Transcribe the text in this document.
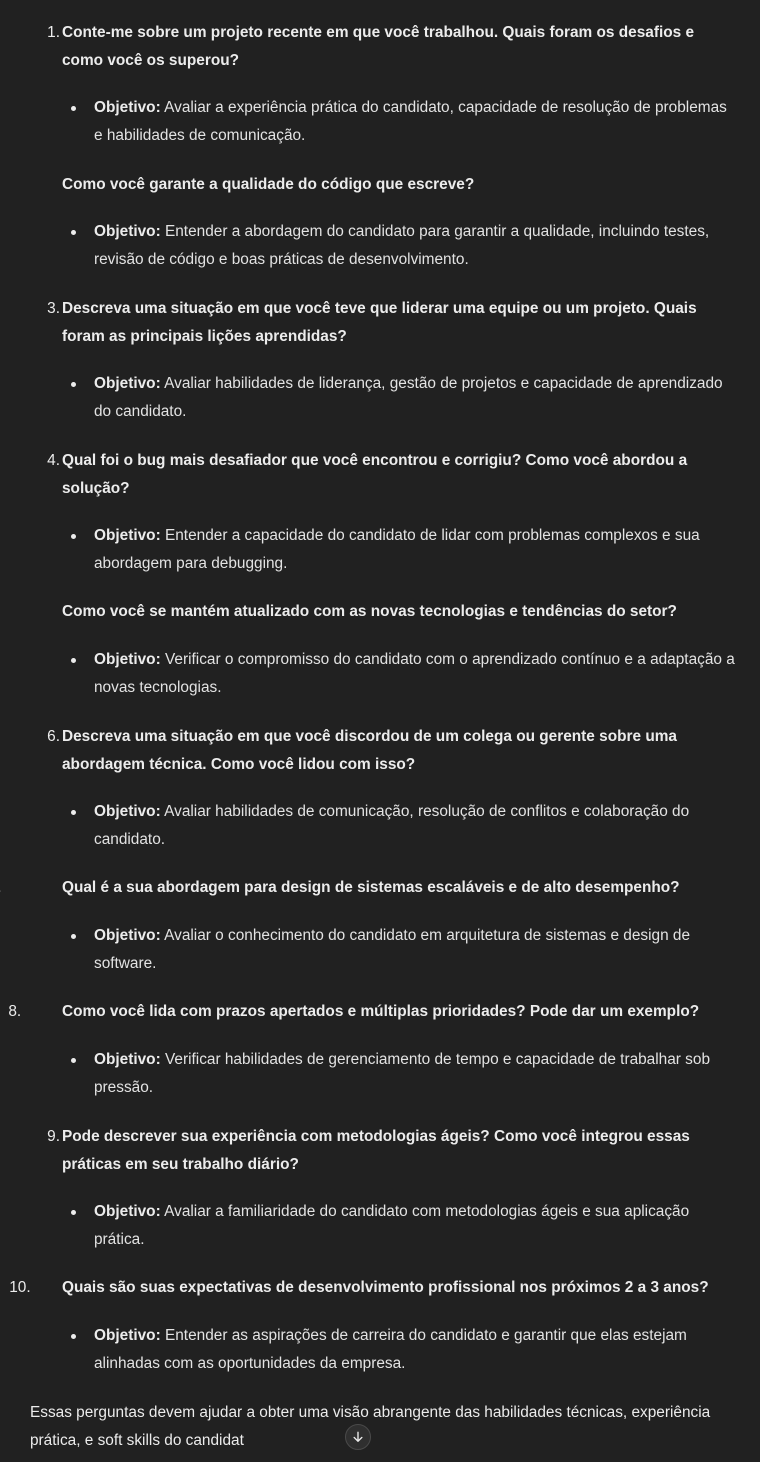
1. Conte-me sobre um projeto recente em que você trabalhou. Quais foram os desafios e como você os superou?
Objetivo: Avaliar a experiência prática do candidato, capacidade de resolução de problemas e habilidades de comunicação.
Como você garante a qualidade do código que escreve?
Objetivo: Entender a abordagem do candidato para garantir a qualidade, incluindo testes, revisão de código e boas práticas de desenvolvimento.
3. Descreva uma situação em que você teve que liderar uma equipe ou um projeto. Quais foram as principais lições aprendidas?
Objetivo: Avaliar habilidades de liderança, gestão de projetos e capacidade de aprendizado do candidato.
4. Qual foi o bug mais desafiador que você encontrou e corrigiu? Como você abordou a solução?
Objetivo: Entender a capacidade do candidato de lidar com problemas complexos e sua abordagem para debugging.
Como você se mantém atualizado com as novas tecnologias e tendências do setor?
Objetivo: Verificar o compromisso do candidato com o aprendizado contínuo e a adaptação a novas tecnologias.
6. Descreva uma situação em que você discordou de um colega ou gerente sobre uma abordagem técnica. Como você lidou com isso?
Objetivo: Avaliar habilidades de comunicação, resolução de conflitos e colaboração do candidato.
Qual é a sua abordagem para design de sistemas escaláveis e de alto desempenho?
Objetivo: Avaliar o conhecimento do candidato em arquitetura de sistemas e design de software.
8.	Como você lida com prazos apertados e múltiplas prioridades? Pode dar um exemplo?
Objetivo: Verificar habilidades de gerenciamento de tempo e capacidade de trabalhar sob pressão.
9. Pode descrever sua experiência com metodologias ágeis? Como você integrou essas práticas em seu trabalho diário?
Objetivo: Avaliar a familiaridade do candidato com metodologias ágeis e sua aplicação prática.
10. Quais são suas expectativas de desenvolvimento profissional nos próximos 2 a 3 anos?
Objetivo: Entender as aspirações de carreira do candidato e garantir que elas estejam alinhadas com as oportunidades da empresa.
Essas perguntas devem ajudar a obter uma visão abrangente das habilidades técnicas, experiência prática, e soft skills do candidat
